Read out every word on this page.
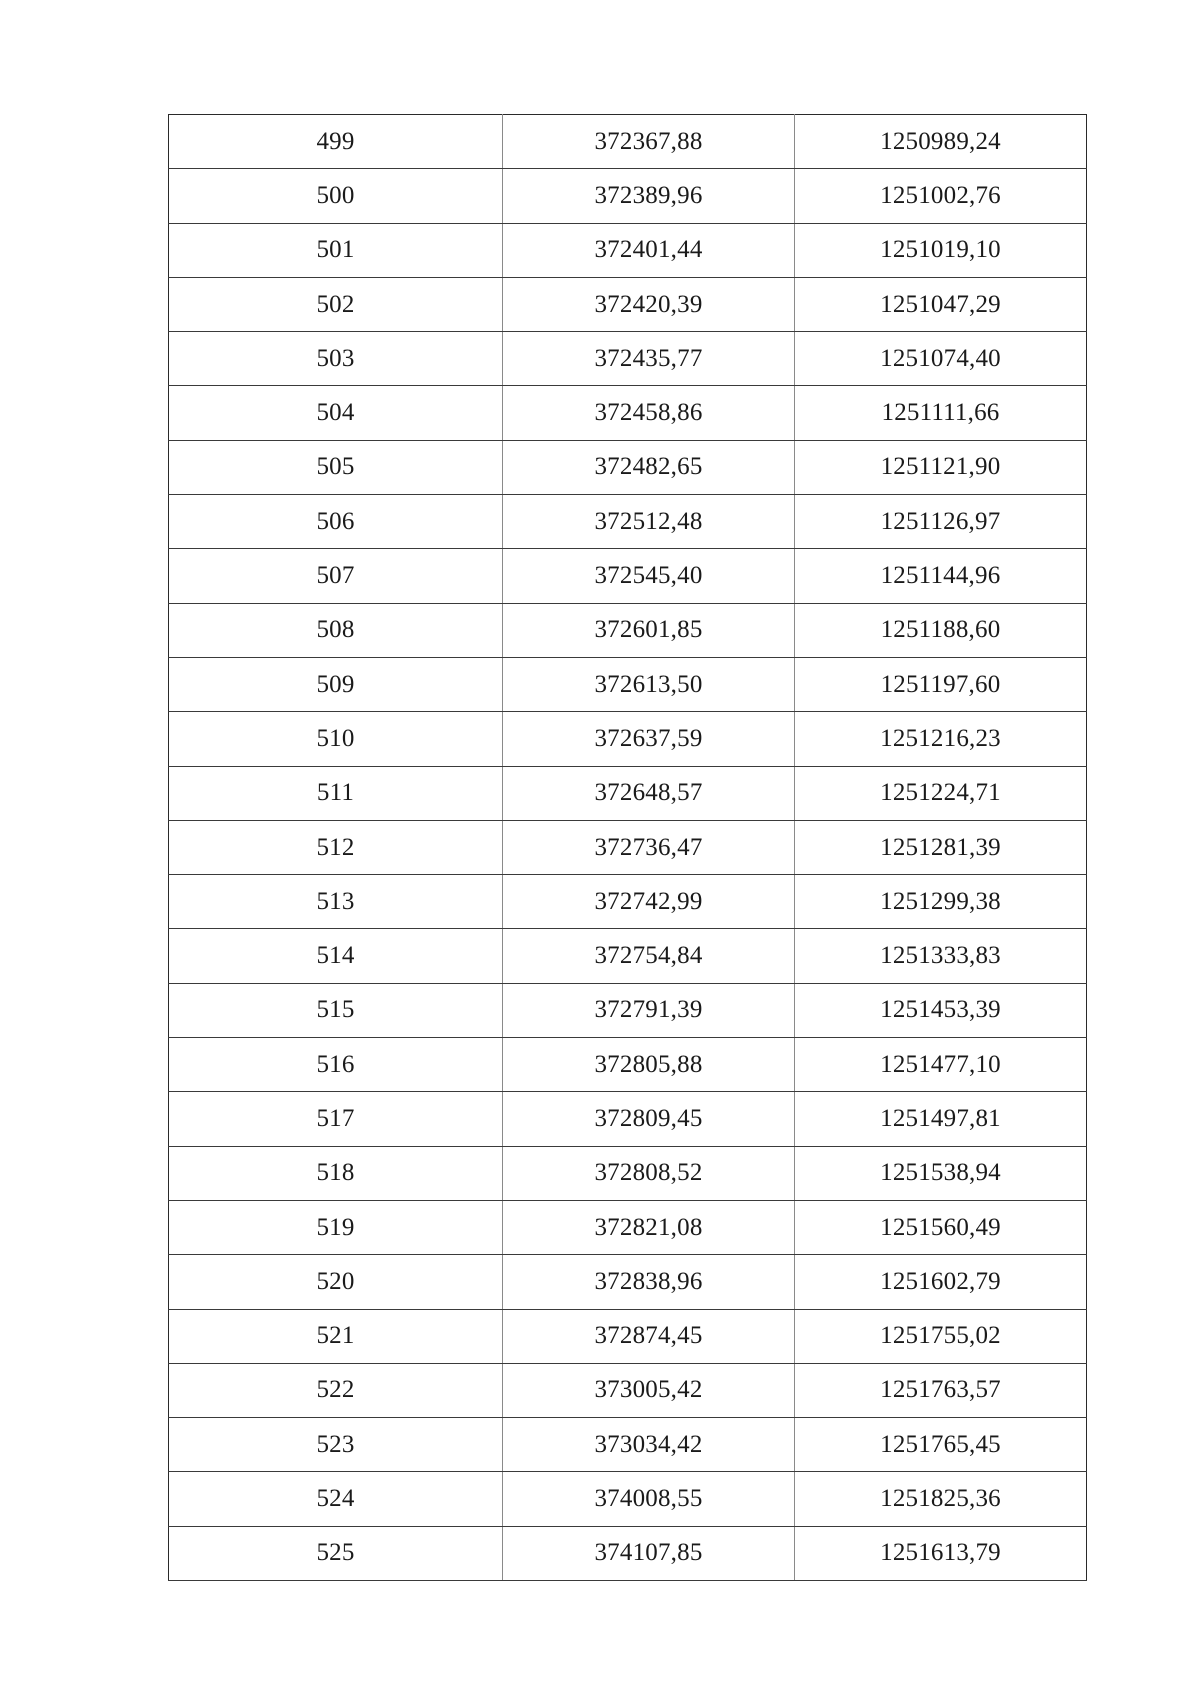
499	372367,88	1250989,24
500	372389,96	1251002,76
501	372401,44	1251019,10
502	372420,39	1251047,29
503	372435,77	1251074,40
504	372458,86	1251111,66
505	372482,65	1251121,90
506	372512,48	1251126,97
507	372545,40	1251144,96
508	372601,85	1251188,60
509	372613,50	1251197,60
510	372637,59	1251216,23
511	372648,57	1251224,71
512	372736,47	1251281,39
513	372742,99	1251299,38
514	372754,84	1251333,83
515	372791,39	1251453,39
516	372805,88	1251477,10
517	372809,45	1251497,81
518	372808,52	1251538,94
519	372821,08	1251560,49
520	372838,96	1251602,79
521	372874,45	1251755,02
522	373005,42	1251763,57
523	373034,42	1251765,45
524	374008,55	1251825,36
525	374107,85	1251613,79
